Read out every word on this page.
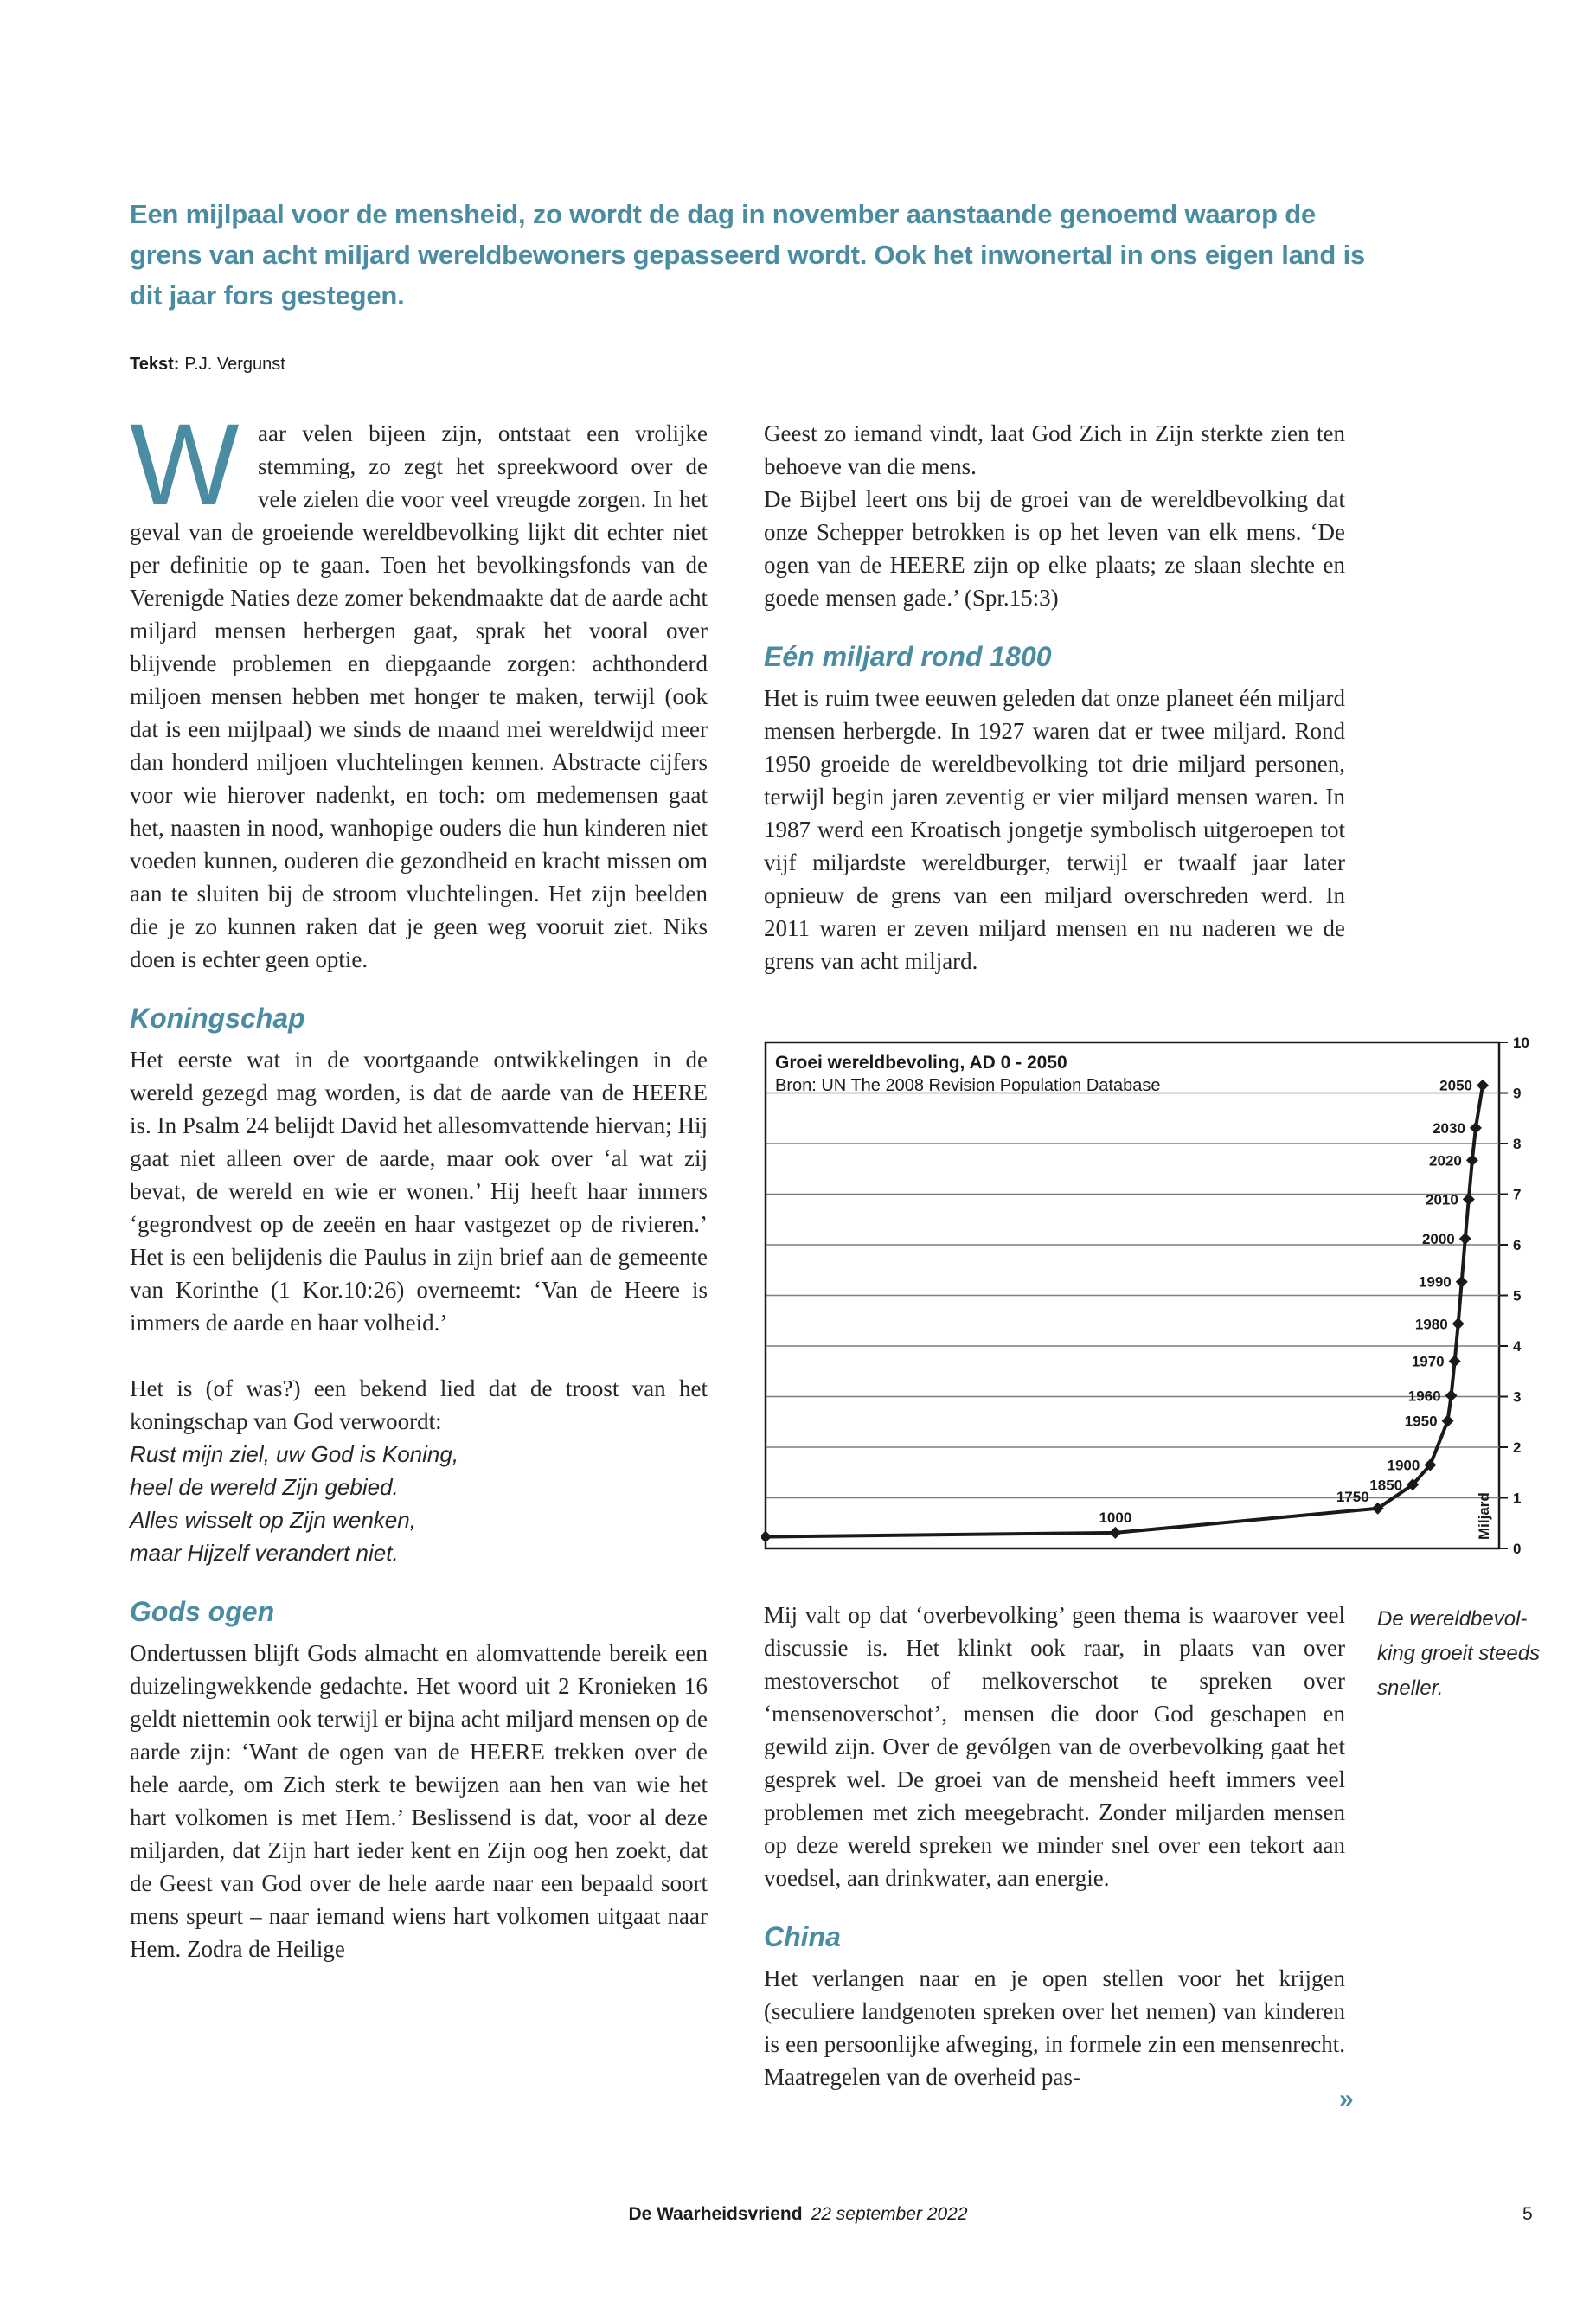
Een mijlpaal voor de mensheid, zo wordt de dag in november aanstaande genoemd waarop de grens van acht miljard wereldbewoners gepasseerd wordt. Ook het inwonertal in ons eigen land is dit jaar fors gestegen.

Tekst: P.J. Vergunst

Waar velen bijeen zijn, ontstaat een vrolijke stemming, zo zegt het spreekwoord over de vele zielen die voor veel vreugde zorgen. In het geval van de groeiende wereldbevolking lijkt dit echter niet per definitie op te gaan. Toen het bevolkingsfonds van de Verenigde Naties deze zomer bekendmaakte dat de aarde acht miljard mensen herbergen gaat, sprak het vooral over blijvende problemen en diepgaande zorgen: achthonderd miljoen mensen hebben met honger te maken, terwijl (ook dat is een mijlpaal) we sinds de maand mei wereldwijd meer dan honderd miljoen vluchtelingen kennen. Abstracte cijfers voor wie hierover nadenkt, en toch: om medemensen gaat het, naasten in nood, wanhopige ouders die hun kinderen niet voeden kunnen, ouderen die gezondheid en kracht missen om aan te sluiten bij de stroom vluchtelingen. Het zijn beelden die je zo kunnen raken dat je geen weg vooruit ziet. Niks doen is echter geen optie.

Koningschap

Het eerste wat in de voortgaande ontwikkelingen in de wereld gezegd mag worden, is dat de aarde van de HEERE is. In Psalm 24 belijdt David het allesomvattende hiervan; Hij gaat niet alleen over de aarde, maar ook over ‘al wat zij bevat, de wereld en wie er wonen.’ Hij heeft haar immers ‘gegrondvest op de zeeën en haar vastgezet op de rivieren.’ Het is een belijdenis die Paulus in zijn brief aan de gemeente van Korinthe (1 Kor.10:26) overneemt: ‘Van de Heere is immers de aarde en haar volheid.’

Het is (of was?) een bekend lied dat de troost van het koningschap van God verwoordt:

Rust mijn ziel, uw God is Koning,
heel de wereld Zijn gebied.
Alles wisselt op Zijn wenken,
maar Hijzelf verandert niet.
Gods ogen

Ondertussen blijft Gods almacht en alomvattende bereik een duizelingwekkende gedachte. Het woord uit 2 Kronieken 16 geldt niettemin ook terwijl er bijna acht miljard mensen op de aarde zijn: ‘Want de ogen van de HEERE trekken over de hele aarde, om Zich sterk te bewijzen aan hen van wie het hart volkomen is met Hem.’ Beslissend is dat, voor al deze miljarden, dat Zijn hart ieder kent en Zijn oog hen zoekt, dat de Geest van God over de hele aarde naar een bepaald soort mens speurt – naar iemand wiens hart volkomen uitgaat naar Hem. Zodra de Heilige

Geest zo iemand vindt, laat God Zich in Zijn sterkte zien ten behoeve van die mens.

De Bijbel leert ons bij de groei van de wereldbevolking dat onze Schepper betrokken is op het leven van elk mens. ‘De ogen van de HEERE zijn op elke plaats; ze slaan slechte en goede mensen gade.’ (Spr.15:3)

Eén miljard rond 1800

Het is ruim twee eeuwen geleden dat onze planeet één miljard mensen herbergde. In 1927 waren dat er twee miljard. Rond 1950 groeide de wereldbevolking tot drie miljard personen, terwijl begin jaren zeventig er vier miljard mensen waren. In 1987 werd een Kroatisch jongetje symbolisch uitgeroepen tot vijf miljardste wereldburger, terwijl er twaalf jaar later opnieuw de grens van een miljard overschreden werd. In 2011 waren er zeven miljard mensen en nu naderen we de grens van acht miljard.

0
1
2
3
4
5
6
7
8
9
10
1000
1750
1850
1900
1950
1960
1970
1980
1990
2000
2010
2020
2030
2050
Groei wereldbevoling, AD 0 - 2050
Bron: UN The 2008 Revision Population Database
Miljard
De wereldbevol-
king groeit steeds
sneller.

Mij valt op dat ‘overbevolking’ geen thema is waarover veel discussie is. Het klinkt ook raar, in plaats van over mestoverschot of melkoverschot te spreken over ‘mensenoverschot’, mensen die door God geschapen en gewild zijn. Over de gevólgen van de overbevolking gaat het gesprek wel. De groei van de mensheid heeft immers veel problemen met zich meegebracht. Zonder miljarden mensen op deze wereld spreken we minder snel over een tekort aan voedsel, aan drinkwater, aan energie.

China

Het verlangen naar en je open stellen voor het krijgen (seculiere landgenoten spreken over het nemen) van kinderen is een persoonlijke afweging, in formele zin een mensenrecht. Maatregelen van de overheid pas-

»
De Waarheidsvriend 22 september 2022	5
